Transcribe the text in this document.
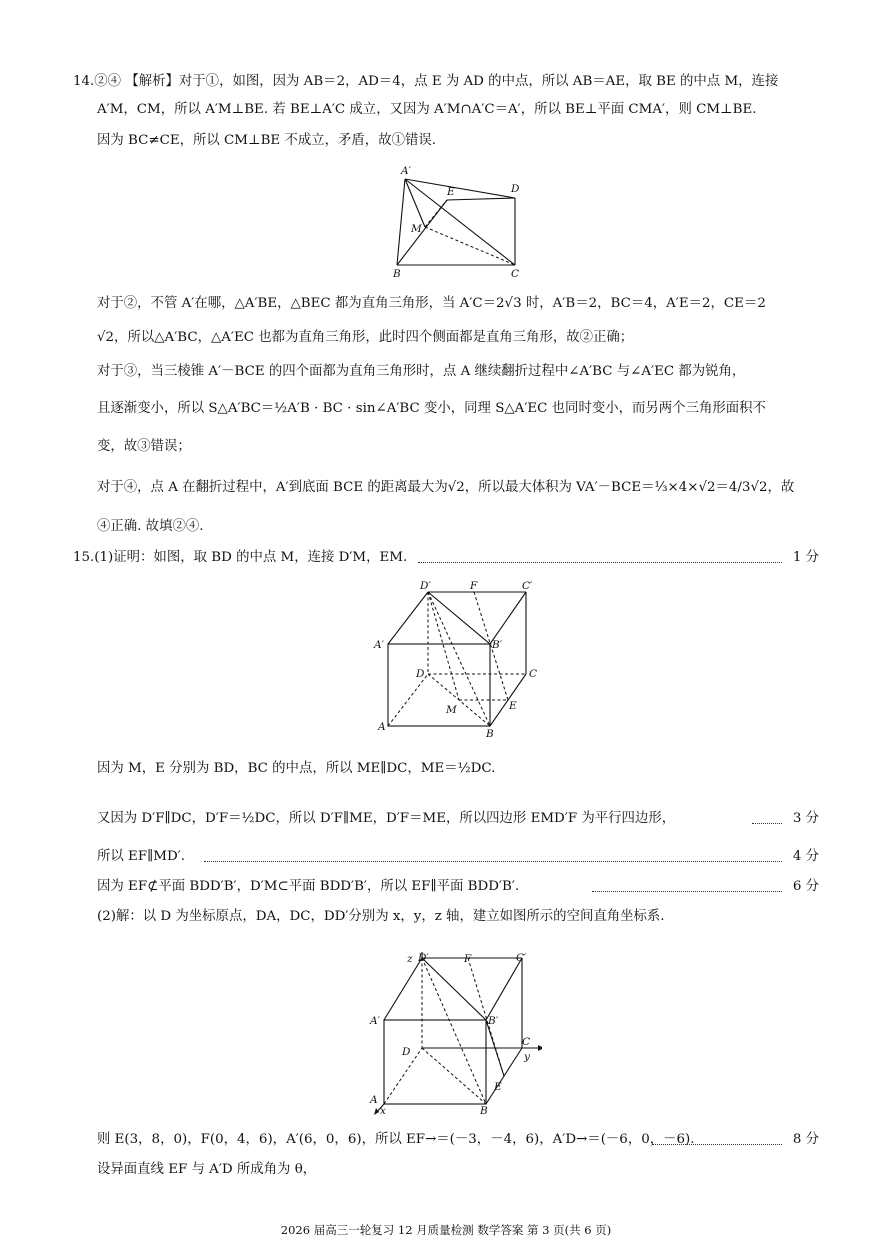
14.②④ 【解析】对于①，如图，因为 AB＝2，AD＝4，点 E 为 AD 的中点，所以 AB＝AE，取 BE 的中点 M，连接
A′M，CM，所以 A′M⊥BE. 若 BE⊥A′C 成立，又因为 A′M∩A′C＝A′，所以 BE⊥平面 CMA′，则 CM⊥BE.
因为 BC≠CE，所以 CM⊥BE 不成立，矛盾，故①错误.
A′
E	D
M
B	C
对于②，不管 A′在哪，△A′BE，△BEC 都为直角三角形，当 A′C＝2√3 时，A′B＝2，BC＝4，A′E＝2，CE＝2
√2，所以△A′BC，△A′EC 也都为直角三角形，此时四个侧面都是直角三角形，故②正确；
对于③，当三棱锥 A′－BCE 的四个面都为直角三角形时，点 A 继续翻折过程中∠A′BC 与∠A′EC 都为锐角，
且逐渐变小，所以 S△A′BC＝½A′B · BC · sin∠A′BC 变小，同理 S△A′EC 也同时变小，而另两个三角形面积不
变，故③错误；
对于④，点 A 在翻折过程中，A′到底面 BCE 的距离最大为√2，所以最大体积为 VA′－BCE＝⅓×4×√2＝4/3√2，故
④正确. 故填②④.
15.(1)证明：如图，取 BD 的中点 M，连接 D′M，EM.	1 分
D′	F	C′
A′	B′
D	C
M	E
A
B
因为 M，E 分别为 BD，BC 的中点，所以 ME∥DC，ME＝½DC.
又因为 D′F∥DC，D′F＝½DC，所以 D′F∥ME，D′F＝ME，所以四边形 EMD′F 为平行四边形，	3 分
所以 EF∥MD′.	4 分
因为 EF⊄平面 BDD′B′，D′M⊂平面 BDD′B′，所以 EF∥平面 BDD′B′.	6 分
(2)解：以 D 为坐标原点，DA，DC，DD′分别为 x，y，z 轴，建立如图所示的空间直角坐标系.
z D′	F	C′
A′	B′
D
C
y
E
A
x	B
则 E(3，8，0)，F(0，4，6)，A′(6，0，6)，所以 EF→＝(－3，－4，6)，A′D→＝(－6，0，－6).	8 分
设异面直线 EF 与 A′D 所成角为 θ，
2026 届高三一轮复习 12 月质量检测 数学答案 第 3 页(共 6 页)
